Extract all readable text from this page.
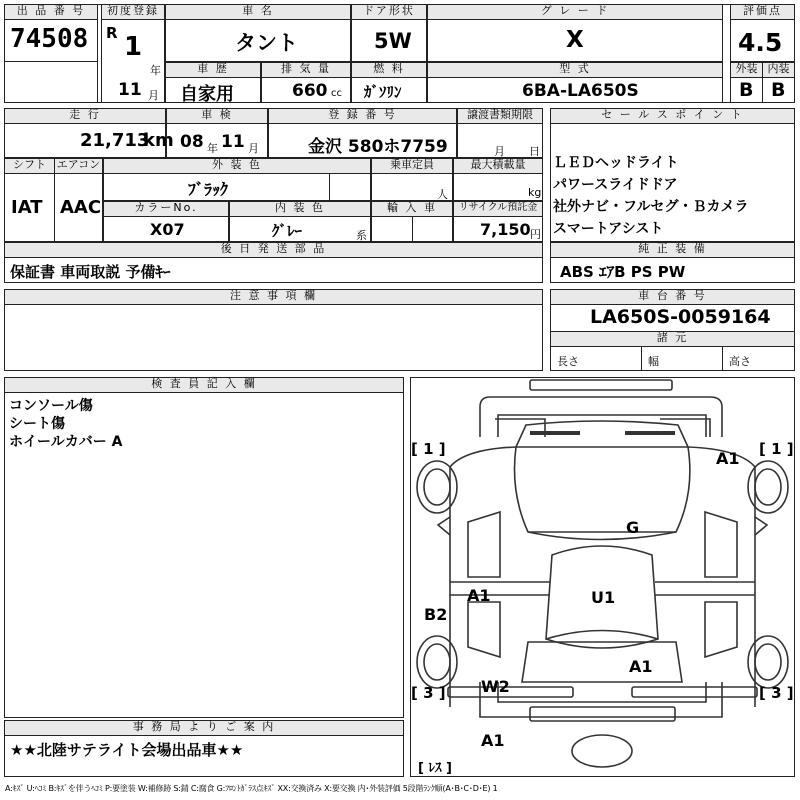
出 品 番 号
74508
初度登録
R 1
年
11 月
車 名
タント
ドア形状
5W
グ レ ー ド
X
評価点
4.5
車 歴
自家用
排 気 量
660 cc
燃 料
ｶﾞｿﾘﾝ
型 式
6BA-LA650S
外装 内装
B B
走 行
21,713
km
車 検
08 年 11 月
登 録 番 号
金沢 580ホ7759
譲渡書類期限
月 日
シフト エアコン
IAT AAC
外 装 色
ﾌﾞﾗｯｸ
乗車定員
人
最大積載量
kg
カラーNo.
X07
内 装 色
ｸﾞﾚｰ	系
輸 入 車	リサイクル預託金
7,150 円
セ ー ル ス ポ イ ン ト
ＬＥＤヘッドライト
パワースライドドア
社外ナビ・フルセグ・Ｂカメラ
スマートアシスト
後 日 発 送 部 品
保証書 車両取説 予備ｷｰ
純 正 装 備
ABS ｴｱB PS PW
注 意 事 項 欄	車 台 番 号
LA650S-0059164
諸 元
長さ	幅	高さ
検 査 員 記 入 欄
コンソール傷
シート傷
ホイールカバー A
事 務 局 よ り ご 案 内
★★北陸サテライト会場出品車★★
[ 1 ]	[ 1 ]
[ 3 ]	[ 3 ]
[ ﾚｽ ]
A1
G
A1	U1
B2
A1
W2
A1
A:ｷｽﾞ U:ﾍｺﾐ B:ｷｽﾞを伴うﾍｺﾐ P:要塗装 W:補修跡 S:錆 C:腐食 G:ﾌﾛﾝﾄｶﾞﾗｽ点ｷｽﾞ XX:交換済み X:要交換 内･外装評価 5段階ﾗﾝｸ順(A･B･C･D･E) 1
